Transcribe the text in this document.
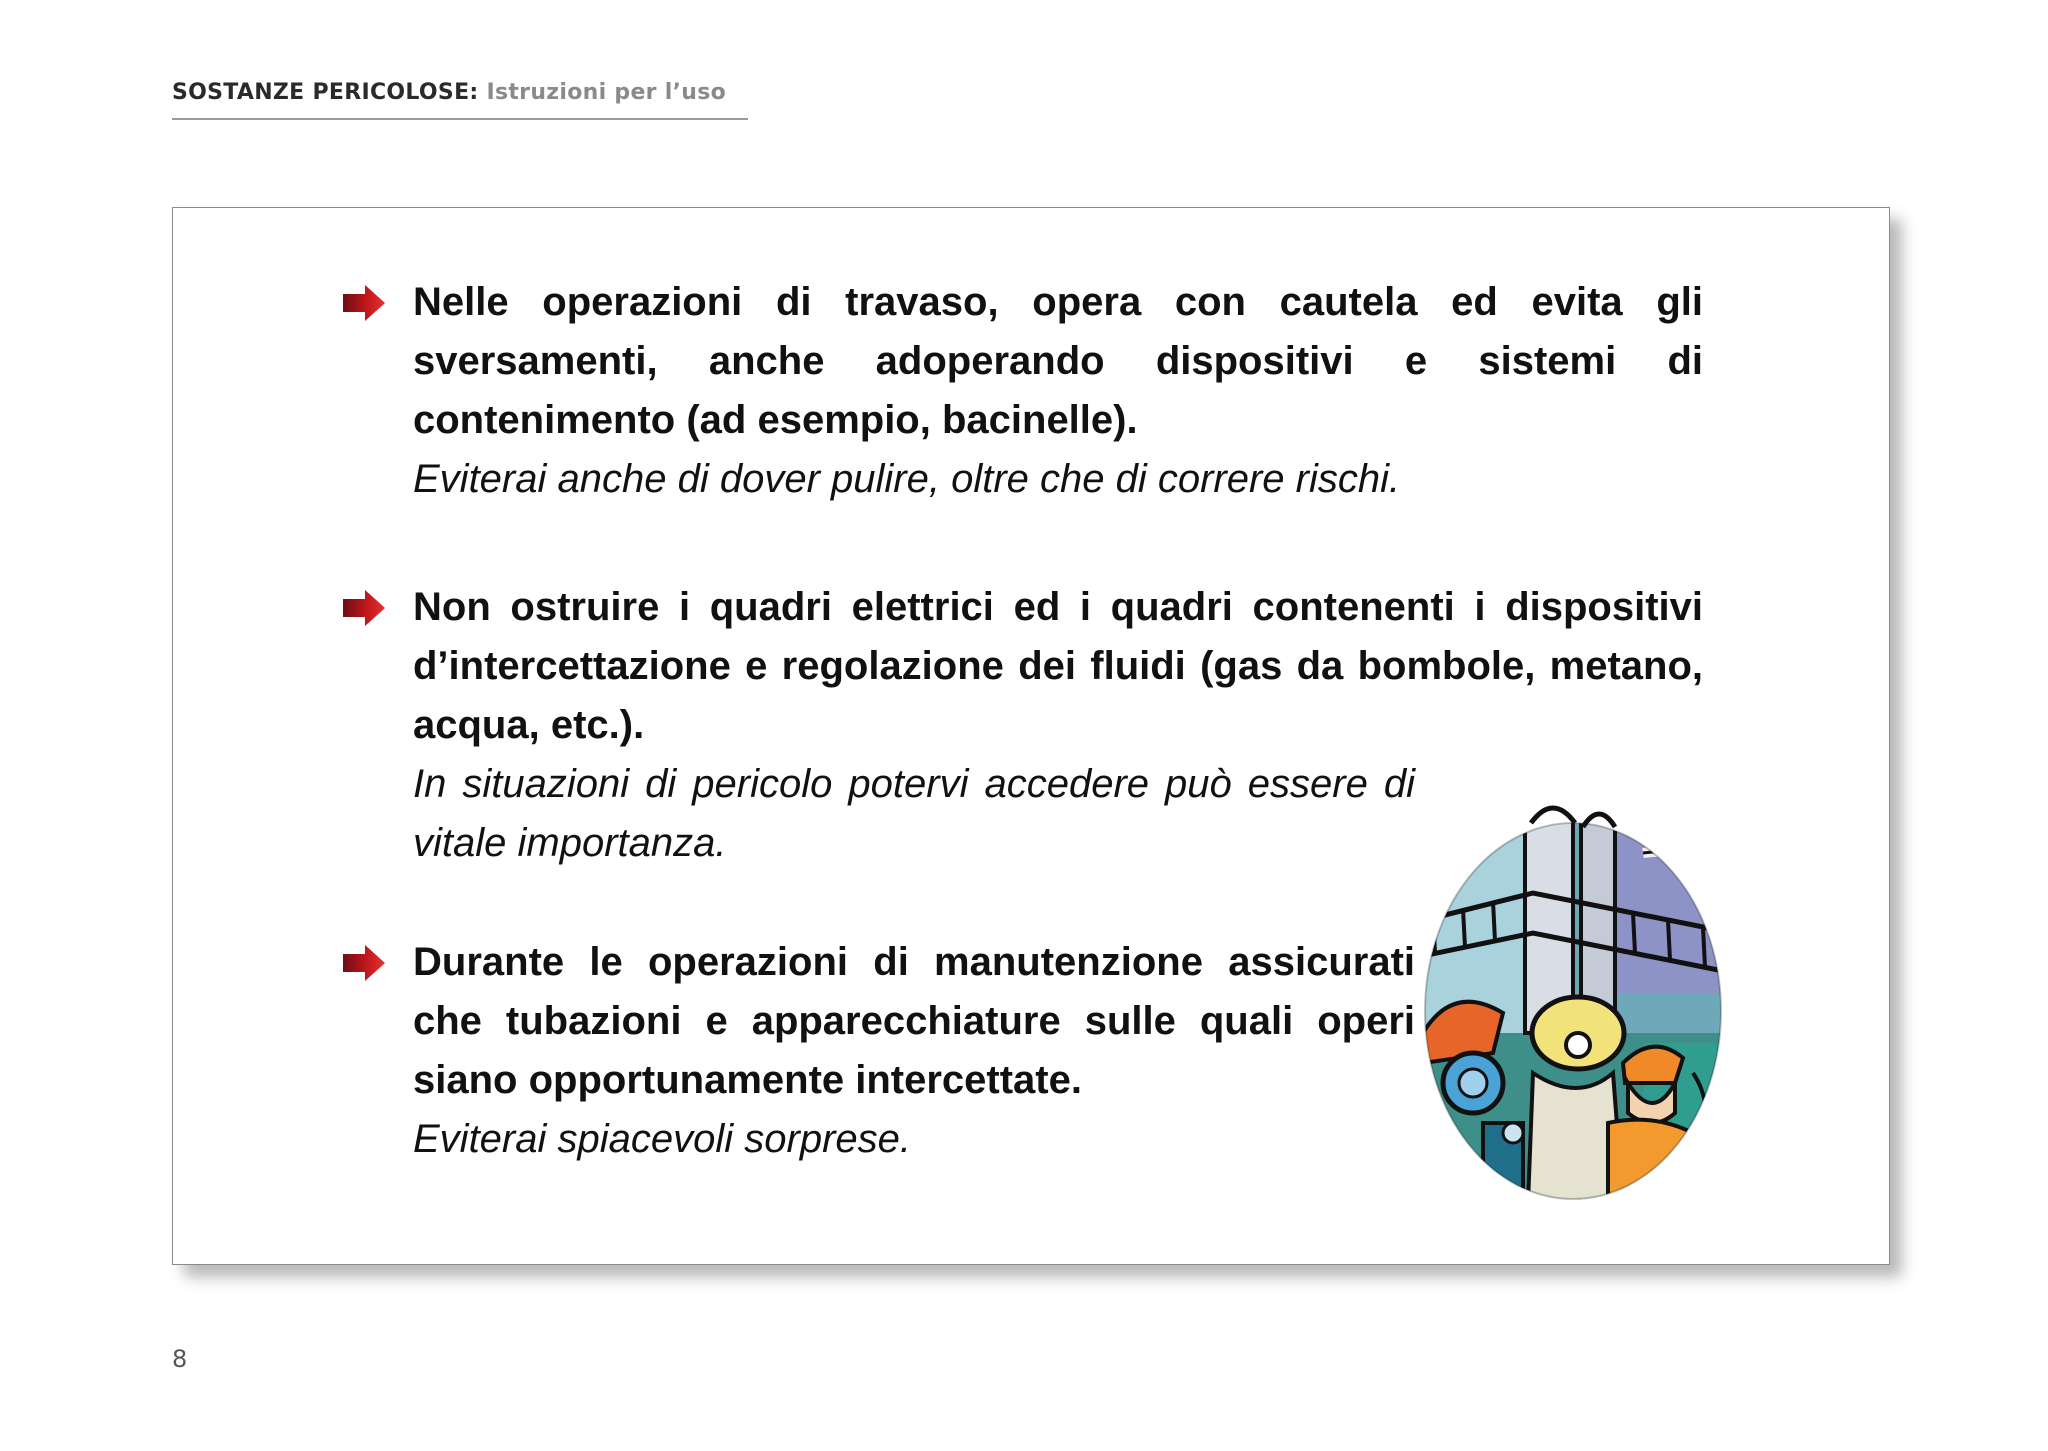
SOSTANZE PERICOLOSE: Istruzioni per l’uso
Nelle operazioni di travaso, opera con cautela ed evita gli sversamenti, anche adoperando dispositivi e sistemi di contenimento (ad esempio, bacinelle).
Eviterai anche di dover pulire, oltre che di correre rischi.
Non ostruire i quadri elettrici ed i quadri contenenti i dispositivi d’intercettazione e regolazione dei fluidi (gas da bombole, metano, acqua, etc.).
In situazioni di pericolo potervi accedere può essere di vitale importanza.
Durante le operazioni di manutenzione assicurati che tubazioni e apparecchiature sulle quali operi siano opportunamente intercettate.
Eviterai spiacevoli sorprese.
8
